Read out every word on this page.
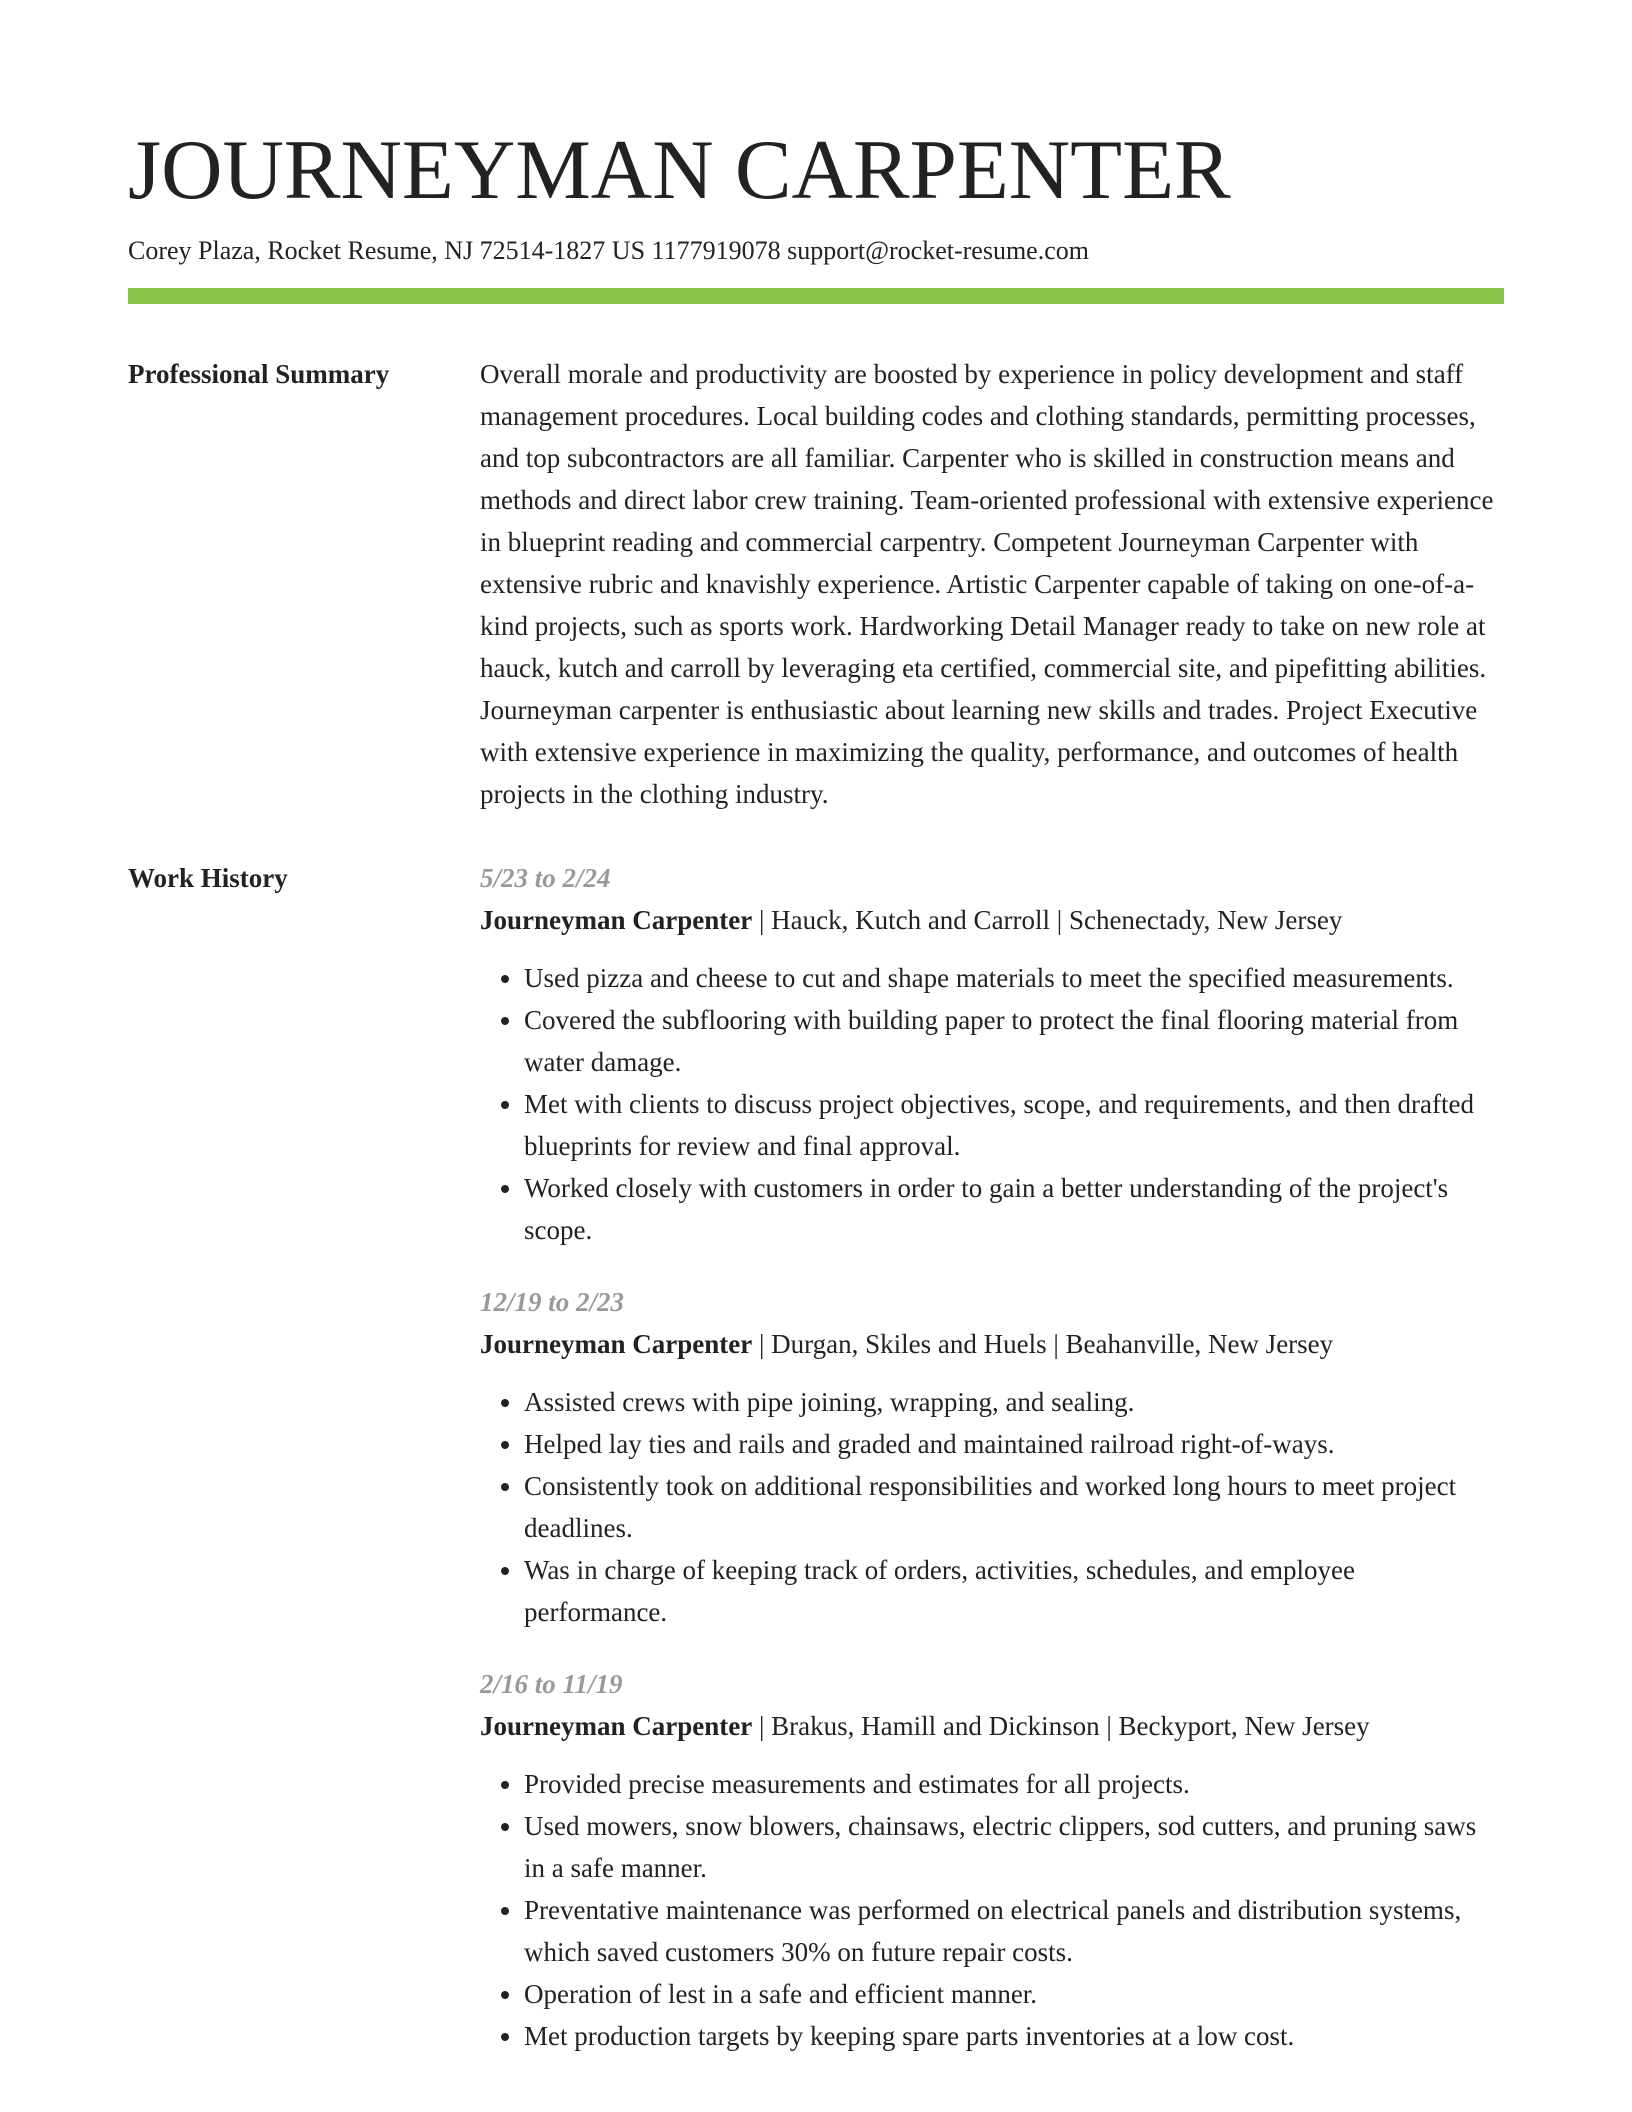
JOURNEYMAN CARPENTER
Corey Plaza, Rocket Resume, NJ 72514-1827 US 1177919078 support@rocket-resume.com
Professional Summary	Overall morale and productivity are boosted by experience in policy development and staff management procedures. Local building codes and clothing standards, permitting processes, and top subcontractors are all familiar. Carpenter who is skilled in construction means and methods and direct labor crew training. Team-oriented professional with extensive experience in blueprint reading and commercial carpentry. Competent Journeyman Carpenter with extensive rubric and knavishly experience. Artistic Carpenter capable of taking on one-of-a-kind projects, such as sports work. Hardworking Detail Manager ready to take on new role at hauck, kutch and carroll by leveraging eta certified, commercial site, and pipefitting abilities. Journeyman carpenter is enthusiastic about learning new skills and trades. Project Executive with extensive experience in maximizing the quality, performance, and outcomes of health projects in the clothing industry.

Work History	5/23 to 2/24
Journeyman Carpenter | Hauck, Kutch and Carroll | Schenectady, New Jersey
• Used pizza and cheese to cut and shape materials to meet the specified measurements.
• Covered the subflooring with building paper to protect the final flooring material from water damage.
• Met with clients to discuss project objectives, scope, and requirements, and then drafted blueprints for review and final approval.
• Worked closely with customers in order to gain a better understanding of the project's scope.
12/19 to 2/23
Journeyman Carpenter | Durgan, Skiles and Huels | Beahanville, New Jersey
• Assisted crews with pipe joining, wrapping, and sealing.
• Helped lay ties and rails and graded and maintained railroad right-of-ways.
• Consistently took on additional responsibilities and worked long hours to meet project deadlines.
• Was in charge of keeping track of orders, activities, schedules, and employee performance.
2/16 to 11/19
Journeyman Carpenter | Brakus, Hamill and Dickinson | Beckyport, New Jersey
• Provided precise measurements and estimates for all projects.
• Used mowers, snow blowers, chainsaws, electric clippers, sod cutters, and pruning saws in a safe manner.
• Preventative maintenance was performed on electrical panels and distribution systems, which saved customers 30% on future repair costs.
• Operation of lest in a safe and efficient manner.
• Met production targets by keeping spare parts inventories at a low cost.
